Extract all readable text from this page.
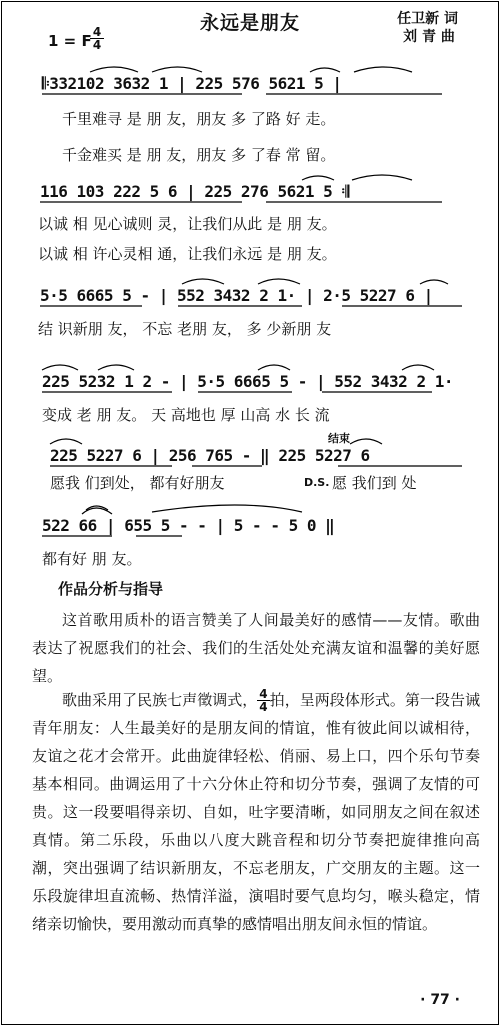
永远是朋友	任卫新 词
刘 青 曲
1 = F 4
4
𝄆332102 3632 1 | 225 576 5621 5 |
千里难寻 是 朋 友，朋友 多 了路 好 走。
千金难买 是 朋 友，朋友 多 了春 常 留。
116 103 222 5 6 | 225 276 5621 5 𝄇
以诚 相 见心诚则 灵，让我们从此 是 朋 友。
以诚 相 许心灵相 通，让我们永远 是 朋 友。
5·5 6665 5 - | 552 3432 2 1· | 2·5 5227 6 |
结 识新朋 友， 不忘 老朋 友， 多 少新朋 友
225 5232 1 2 - | 5·5 6665 5 - | 552 3432 2 1·
变成 老 朋 友。 天 高地也 厚 山高 水 长 流
结束
225 5227 6 | 256 765 - ‖ 225 5227 6
愿我 们到处， 都有好朋友	D.S. 愿 我们到 处
522 66 | 655 5 - - | 5 - - 5 0 ‖
都有好 朋 友。
作品分析与指导
这首歌用质朴的语言赞美了人间最美好的感情——友情。歌曲表达了祝愿我们的社会、我们的生活处处充满友谊和温馨的美好愿望。
歌曲采用了民族七声徵调式， $\frac{4}{4}$ 拍，呈两段体形式。第一段告诫青年朋友：人生最美好的是朋友间的情谊，惟有彼此间以诚相待，友谊之花才会常开。此曲旋律轻松、俏丽、易上口，四个乐句节奏基本相同。曲调运用了十六分休止符和切分节奏，强调了友情的可贵。这一段要唱得亲切、自如，吐字要清晰，如同朋友之间在叙述真情。第二乐段，乐曲以八度大跳音程和切分节奏把旋律推向高潮，突出强调了结识新朋友，不忘老朋友，广交朋友的主题。这一乐段旋律坦直流畅、热情洋溢，演唱时要气息均匀，喉头稳定，情绪亲切愉快，要用激动而真挚的感情唱出朋友间永恒的情谊。
· 77 ·
